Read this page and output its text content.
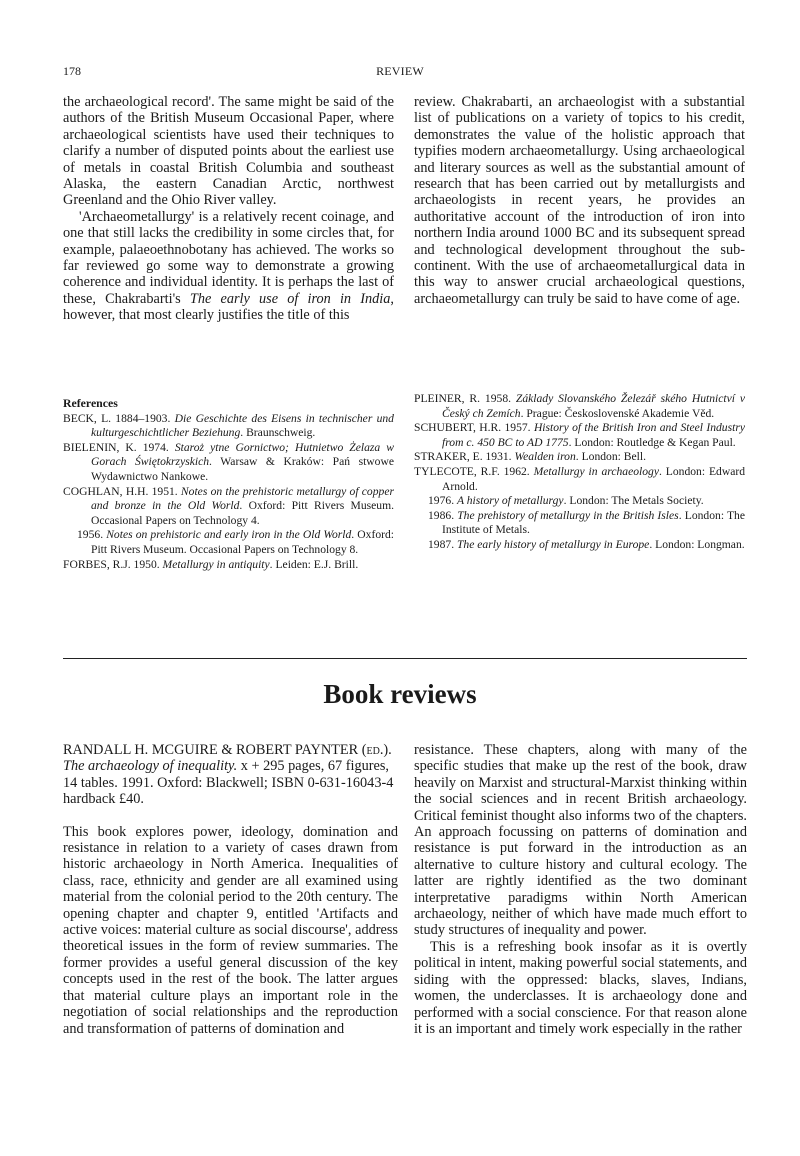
178	REVIEW

the archaeological record'. The same might be said of the authors of the British Museum Occasional Paper, where archaeological scientists have used their techniques to clarify a number of disputed points about the earliest use of metals in coastal British Columbia and southeast Alaska, the eastern Canadian Arctic, northwest Greenland and the Ohio River valley.

'Archaeometallurgy' is a relatively recent coinage, and one that still lacks the credibility in some circles that, for example, palaeoethnobotany has achieved. The works so far reviewed go some way to demonstrate a growing coherence and individual identity. It is perhaps the last of these, Chakrabarti's The early use of iron in India, however, that most clearly justifies the title of this

review. Chakrabarti, an archaeologist with a substantial list of publications on a variety of topics to his credit, demonstrates the value of the holistic approach that typifies modern archaeometallurgy. Using archaeological and literary sources as well as the substantial amount of research that has been carried out by metallurgists and archaeologists in recent years, he provides an authoritative account of the introduction of iron into northern India around 1000 BC and its subsequent spread and technological development throughout the sub-continent. With the use of archaeometallurgical data in this way to answer crucial archaeological questions, archaeometallurgy can truly be said to have come of age.

References
BECK, L. 1884–1903. Die Geschichte des Eisens in technischer und kulturgeschichtlicher Beziehung. Braunschweig.
BIELENIN, K. 1974. Staroż ytne Gornictwo; Hutnietwo Żelaza w Gorach Świętokrzyskich. Warsaw & Kraków: Pań stwowe Wydawnictwo Nankowe.
COGHLAN, H.H. 1951. Notes on the prehistoric metallurgy of copper and bronze in the Old World. Oxford: Pitt Rivers Museum. Occasional Papers on Technology 4.
1956. Notes on prehistoric and early iron in the Old World. Oxford: Pitt Rivers Museum. Occasional Papers on Technology 8.
FORBES, R.J. 1950. Metallurgy in antiquity. Leiden: E.J. Brill.
PLEINER, R. 1958. Základy Slovanského Železář ského Hutnictví v Český ch Zemích. Prague: Československé Akademie Věd.
SCHUBERT, H.R. 1957. History of the British Iron and Steel Industry from c. 450 BC to AD 1775. London: Routledge & Kegan Paul.
STRAKER, E. 1931. Wealden iron. London: Bell.
TYLECOTE, R.F. 1962. Metallurgy in archaeology. London: Edward Arnold.
1976. A history of metallurgy. London: The Metals Society.
1986. The prehistory of metallurgy in the British Isles. London: The Institute of Metals.
1987. The early history of metallurgy in Europe. London: Longman.
Book reviews

RANDALL H. MCGUIRE & ROBERT PAYNTER (ed.).
The archaeology of inequality. x + 295 pages, 67 figures, 14 tables. 1991. Oxford: Blackwell; ISBN 0-631-16043-4 hardback £40.

This book explores power, ideology, domination and resistance in relation to a variety of cases drawn from historic archaeology in North America. Inequalities of class, race, ethnicity and gender are all examined using material from the colonial period to the 20th century. The opening chapter and chapter 9, entitled 'Artifacts and active voices: material culture as social discourse', address theoretical issues in the form of review summaries. The former provides a useful general discussion of the key concepts used in the rest of the book. The latter argues that material culture plays an important role in the negotiation of social relationships and the reproduction and transformation of patterns of domination and

resistance. These chapters, along with many of the specific studies that make up the rest of the book, draw heavily on Marxist and structural-Marxist thinking within the social sciences and in recent British archaeology. Critical feminist thought also informs two of the chapters. An approach focussing on patterns of domination and resistance is put forward in the introduction as an alternative to culture history and cultural ecology. The latter are rightly identified as the two dominant interpretative paradigms within North American archaeology, neither of which have made much effort to study structures of inequality and power.

This is a refreshing book insofar as it is overtly political in intent, making powerful social statements, and siding with the oppressed: blacks, slaves, Indians, women, the underclasses. It is archaeology done and performed with a social conscience. For that reason alone it is an important and timely work especially in the rather
